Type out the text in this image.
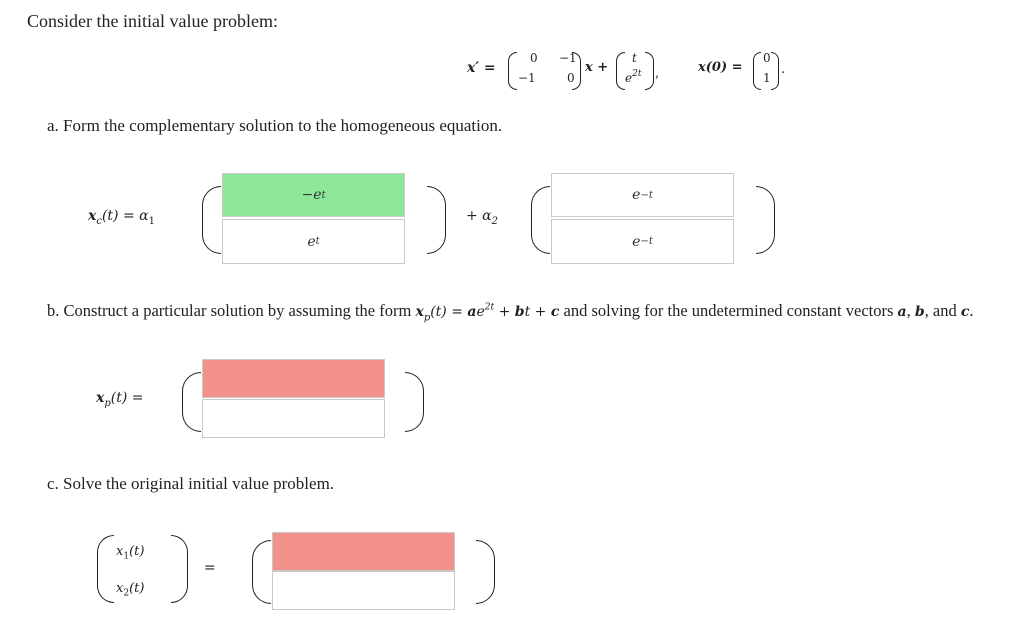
Consider the initial value problem:
x′ =
0 −1
−1	0
x +
t
$e^{2t}$ ,	x(0) =
0
1
.
a. Form the complementary solution to the homogeneous equation.
$x_c(t) = \alpha_1$
−e t
e t
+ $\alpha_2$
e −t
e −t
b. Construct a particular solution by assuming the form $x_p(t) = ae^{2t}$ + bt + c and solving for the undetermined constant vectors a, b, and c.
$x_p(t)$ =
c. Solve the original initial value problem.
$x_1(t)$
$x_2(t)$
=
